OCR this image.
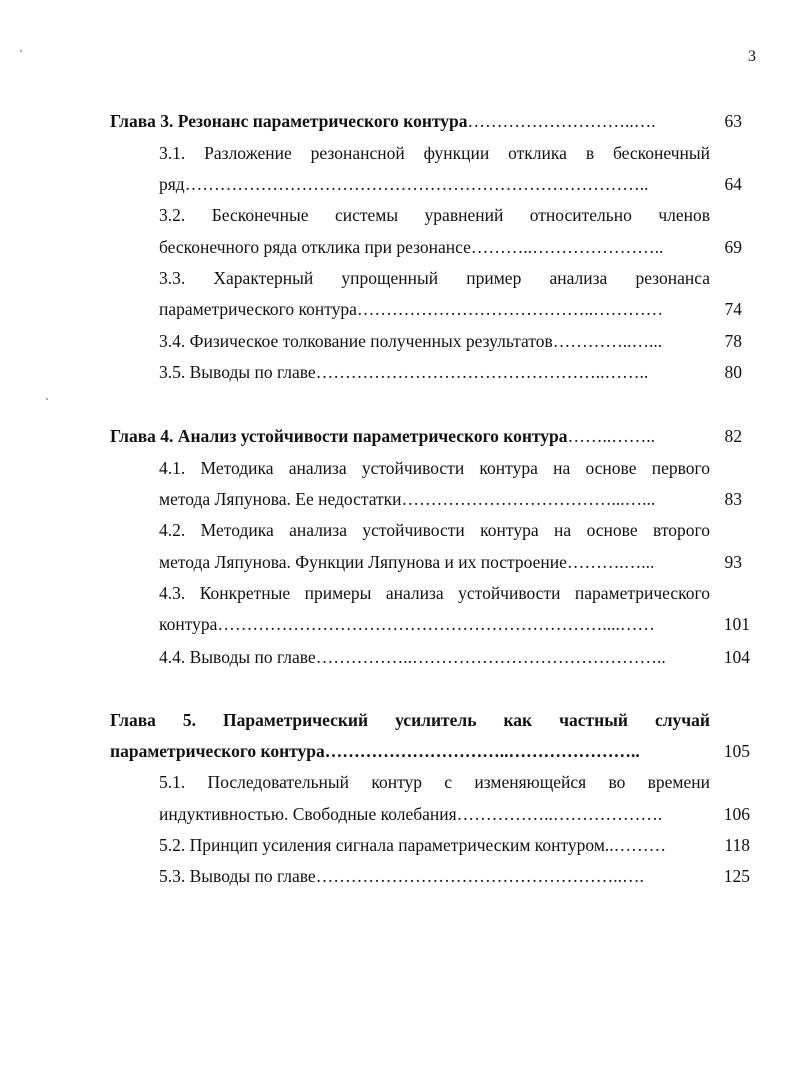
3
Глава 3. Резонанс параметрического контура………………………..….	63
3.1. Разложение резонансной функции отклика в бесконечный
ряд……………………………………………………………………..	64
3.2. Бесконечные системы уравнений относительно членов
бесконечного ряда отклика при резонансе………..…………………..	69
3.3. Характерный упрощенный пример анализа резонанса
параметрического контура…………………………………..…………	74
3.4. Физическое толкование полученных результатов…………..…...	78
3.5. Выводы по главе…………………………………………..……..	80
Глава 4. Анализ устойчивости параметрического контура……..……..	82
4.1. Методика анализа устойчивости контура на основе первого
метода Ляпунова. Ее недостатки………………………………...…...	83
4.2. Методика анализа устойчивости контура на основе второго
метода Ляпунова. Функции Ляпунова и их построение……….…...	93
4.3. Конкретные примеры анализа устойчивости параметрического
контура…………………………………………………………....……	101
4.4. Выводы по главе……………..……………………………………..	104
Глава 5. Параметрический усилитель как частный случай
параметрического контура…………………………..…………………..	105
5.1. Последовательный контур с изменяющейся во времени
индуктивностью. Свободные колебания……………..……………….	106
5.2. Принцип усиления сигнала параметрическим контуром..………	118
5.3. Выводы по главе……………………………………………..….	125
